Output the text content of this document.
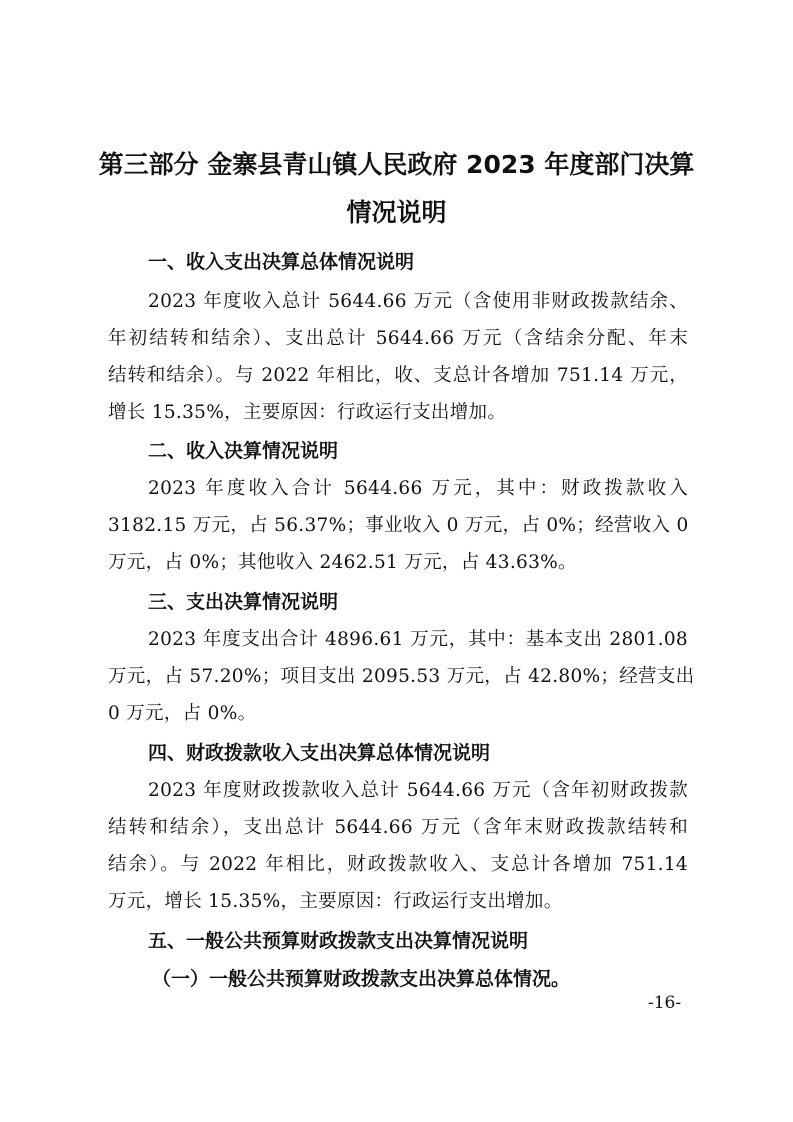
第三部分 金寨县青山镇人民政府 2023 年度部门决算
情况说明
一、收入支出决算总体情况说明
2023 年度收入总计 5644.66 万元（含使用非财政拨款结余、
年初结转和结余）、支出总计 5644.66 万元（含结余分配、年末
结转和结余）。与 2022 年相比，收、支总计各增加 751.14 万元，
增长 15.35%，主要原因：行政运行支出增加。
二、收入决算情况说明
2023 年度收入合计 5644.66 万元，其中：财政拨款收入
3182.15 万元，占 56.37%；事业收入 0 万元，占 0%；经营收入 0
万元，占 0%；其他收入 2462.51 万元，占 43.63%。
三、支出决算情况说明
2023 年度支出合计 4896.61 万元，其中：基本支出 2801.08
万元，占 57.20%；项目支出 2095.53 万元，占 42.80%；经营支出
0 万元，占 0%。
四、财政拨款收入支出决算总体情况说明
2023 年度财政拨款收入总计 5644.66 万元（含年初财政拨款
结转和结余），支出总计 5644.66 万元（含年末财政拨款结转和
结余）。与 2022 年相比，财政拨款收入、支总计各增加 751.14
万元，增长 15.35%，主要原因：行政运行支出增加。
五、一般公共预算财政拨款支出决算情况说明
（一）一般公共预算财政拨款支出决算总体情况。
-16-
